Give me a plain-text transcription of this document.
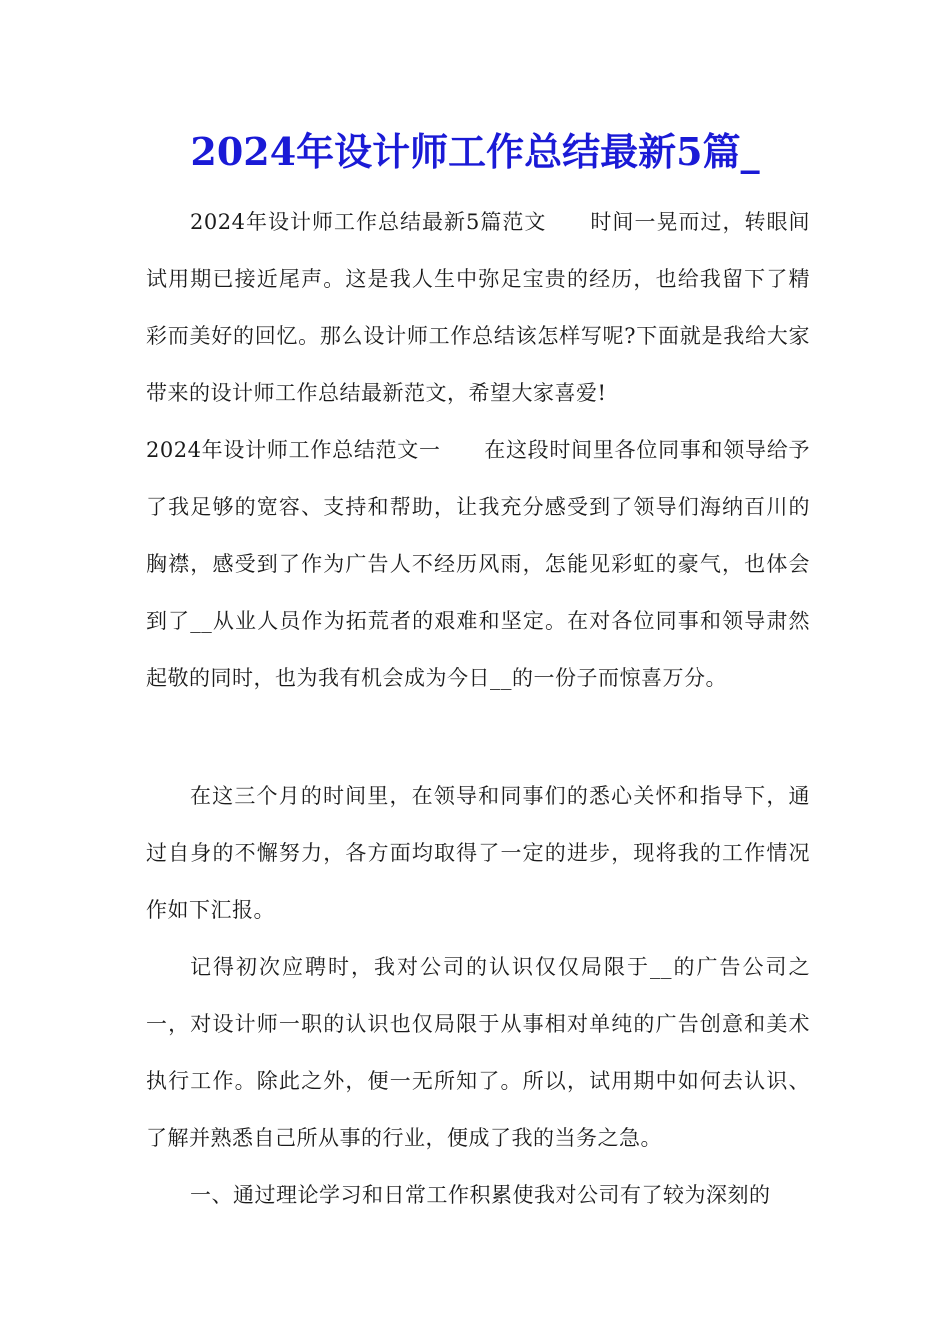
2024年设计师工作总结最新5篇_

2024年设计师工作总结最新5篇范文　　时间一晃而过，转眼间试用期已接近尾声。这是我人生中弥足宝贵的经历，也给我留下了精彩而美好的回忆。那么设计师工作总结该怎样写呢?下面就是我给大家带来的设计师工作总结最新范文，希望大家喜爱!

2024年设计师工作总结范文一　　在这段时间里各位同事和领导给予了我足够的宽容、支持和帮助，让我充分感受到了领导们海纳百川的胸襟，感受到了作为广告人不经历风雨，怎能见彩虹的豪气，也体会到了__从业人员作为拓荒者的艰难和坚定。在对各位同事和领导肃然起敬的同时，也为我有机会成为今日__的一份子而惊喜万分。

在这三个月的时间里，在领导和同事们的悉心关怀和指导下，通过自身的不懈努力，各方面均取得了一定的进步，现将我的工作情况作如下汇报。

记得初次应聘时，我对公司的认识仅仅局限于__的广告公司之一，对设计师一职的认识也仅局限于从事相对单纯的广告创意和美术执行工作。除此之外，便一无所知了。所以，试用期中如何去认识、了解并熟悉自己所从事的行业，便成了我的当务之急。

一、通过理论学习和日常工作积累使我对公司有了较为深刻的
